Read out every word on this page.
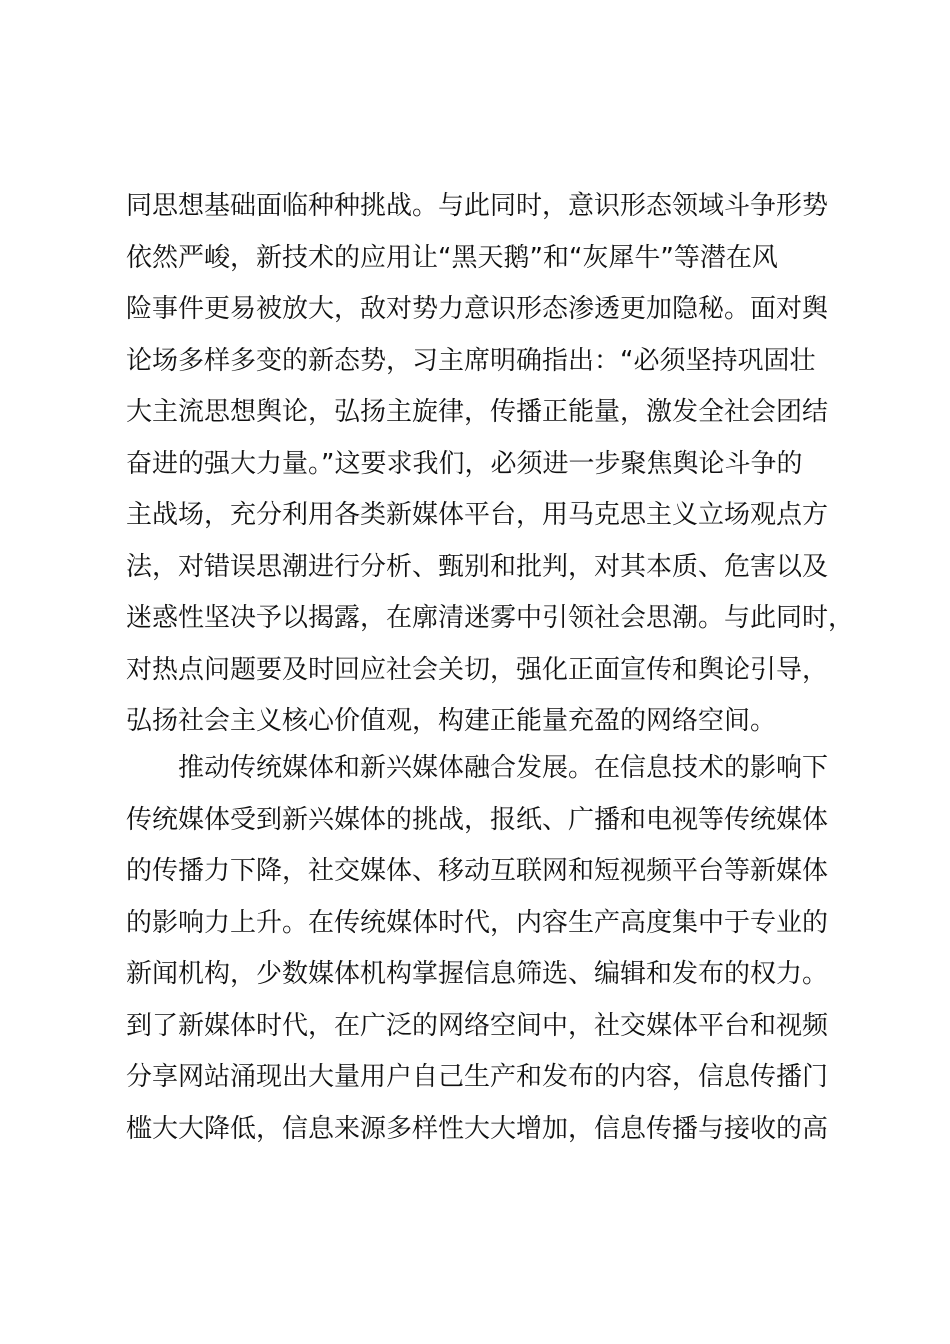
同思想基础面临种种挑战。与此同时，意识形态领域斗争形势
依然严峻，新技术的应用让“黑天鹅”和“灰犀牛”等潜在风
险事件更易被放大，敌对势力意识形态渗透更加隐秘。面对舆
论场多样多变的新态势，习主席明确指出：“必须坚持巩固壮
大主流思想舆论，弘扬主旋律，传播正能量，激发全社会团结
奋进的强大力量。”这要求我们，必须进一步聚焦舆论斗争的
主战场，充分利用各类新媒体平台，用马克思主义立场观点方
法，对错误思潮进行分析、甄别和批判，对其本质、危害以及
迷惑性坚决予以揭露，在廓清迷雾中引领社会思潮。与此同时，
对热点问题要及时回应社会关切，强化正面宣传和舆论引导，
弘扬社会主义核心价值观，构建正能量充盈的网络空间。
推动传统媒体和新兴媒体融合发展。在信息技术的影响下
传统媒体受到新兴媒体的挑战，报纸、广播和电视等传统媒体
的传播力下降，社交媒体、移动互联网和短视频平台等新媒体
的影响力上升。在传统媒体时代，内容生产高度集中于专业的
新闻机构，少数媒体机构掌握信息筛选、编辑和发布的权力。
到了新媒体时代，在广泛的网络空间中，社交媒体平台和视频
分享网站涌现出大量用户自己生产和发布的内容，信息传播门
槛大大降低，信息来源多样性大大增加，信息传播与接收的高
